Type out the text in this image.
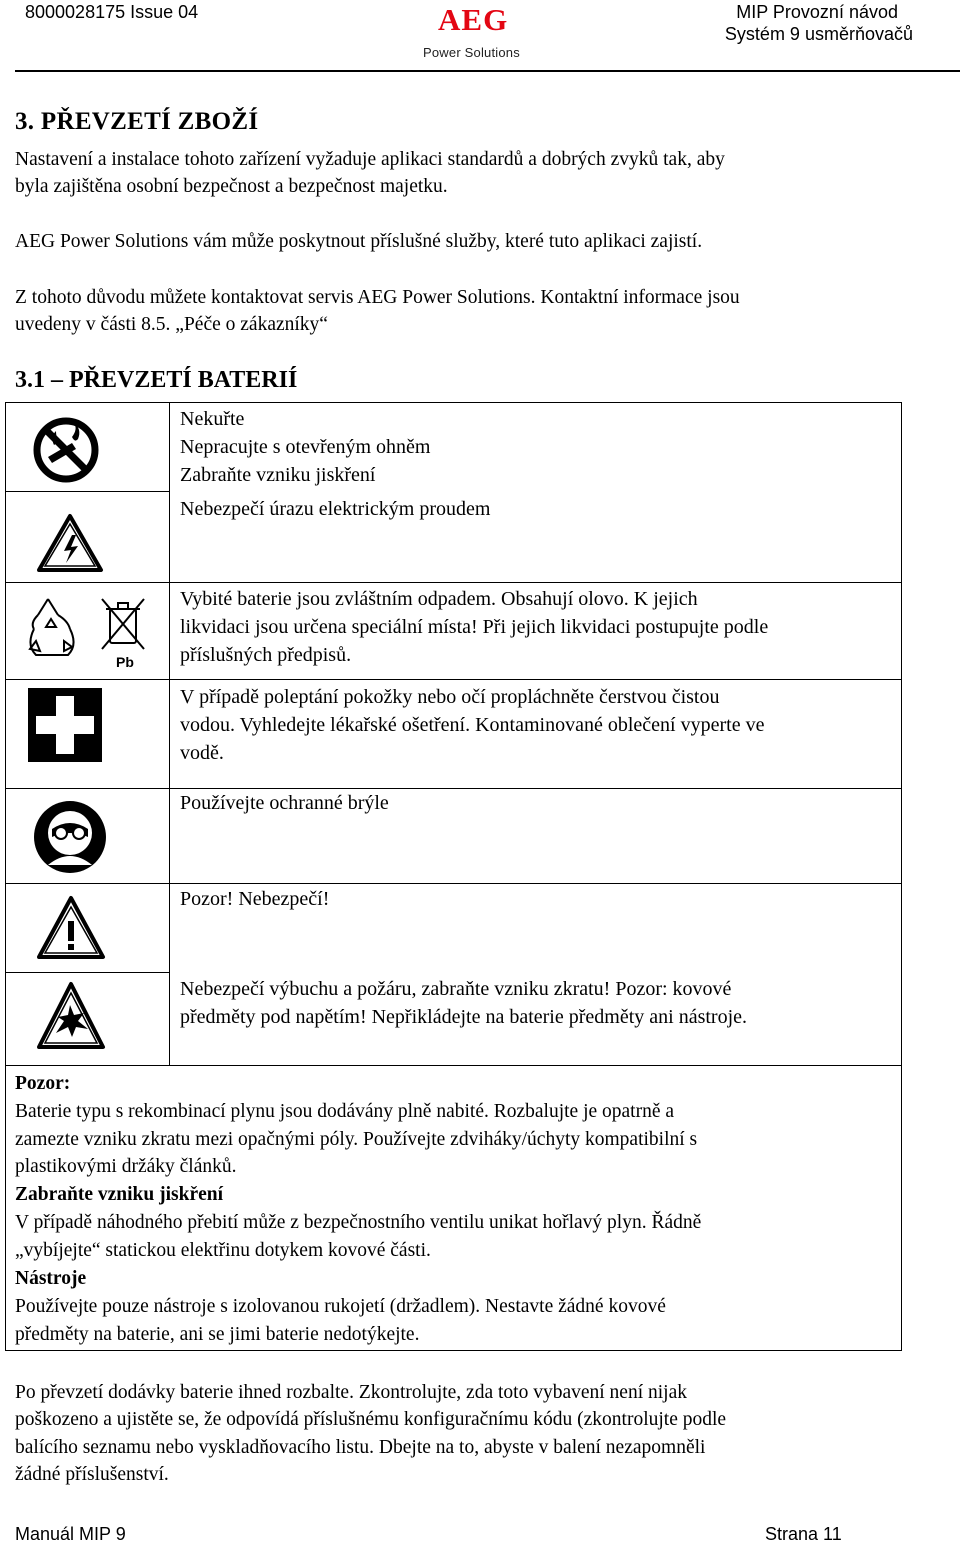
8000028175 Issue 04	AEG
Power Solutions
MIP Provozní návod
Systém 9 usměrňovačů
3. PŘEVZETÍ ZBOŽÍ
Nastavení a instalace tohoto zařízení vyžaduje aplikaci standardů a dobrých zvyků tak, aby
byla zajištěna osobní bezpečnost a bezpečnost majetku.
AEG Power Solutions vám může poskytnout příslušné služby, které tuto aplikaci zajistí.
Z tohoto důvodu můžete kontaktovat servis AEG Power Solutions. Kontaktní informace jsou
uvedeny v části 8.5. „Péče o zákazníky“
3.1 – PŘEVZETÍ BATERIÍ
Nekuřte
Nepracujte s otevřeným ohněm
Zabraňte vzniku jiskření
Nebezpečí úrazu elektrickým proudem
Vybité baterie jsou zvláštním odpadem. Obsahují olovo. K jejich
likvidaci jsou určena speciální místa! Při jejich likvidaci postupujte podle
příslušných předpisů.
V případě poleptání pokožky nebo očí propláchněte čerstvou čistou
vodou. Vyhledejte lékařské ošetření. Kontaminované oblečení vyperte ve
vodě.
Používejte ochranné brýle
Pozor! Nebezpečí!
Nebezpečí výbuchu a požáru, zabraňte vzniku zkratu! Pozor: kovové
předměty pod napětím! Nepřikládejte na baterie předměty ani nástroje.
Pb
Pozor:
Baterie typu s rekombinací plynu jsou dodávány plně nabité. Rozbalujte je opatrně a
zamezte vzniku zkratu mezi opačnými póly. Používejte zdviháky/úchyty kompatibilní s
plastikovými držáky článků.
Zabraňte vzniku jiskření
V případě náhodného přebití může z bezpečnostního ventilu unikat hořlavý plyn. Řádně
„vybíjejte“ statickou elektřinu dotykem kovové části.
Nástroje
Používejte pouze nástroje s izolovanou rukojetí (držadlem). Nestavte žádné kovové
předměty na baterie, ani se jimi baterie nedotýkejte.
Po převzetí dodávky baterie ihned rozbalte. Zkontrolujte, zda toto vybavení není nijak
poškozeno a ujistěte se, že odpovídá příslušnému konfiguračnímu kódu (zkontrolujte podle
balícího seznamu nebo vyskladňovacího listu. Dbejte na to, abyste v balení nezapomněli
žádné příslušenství.
Manuál MIP 9	Strana 11
